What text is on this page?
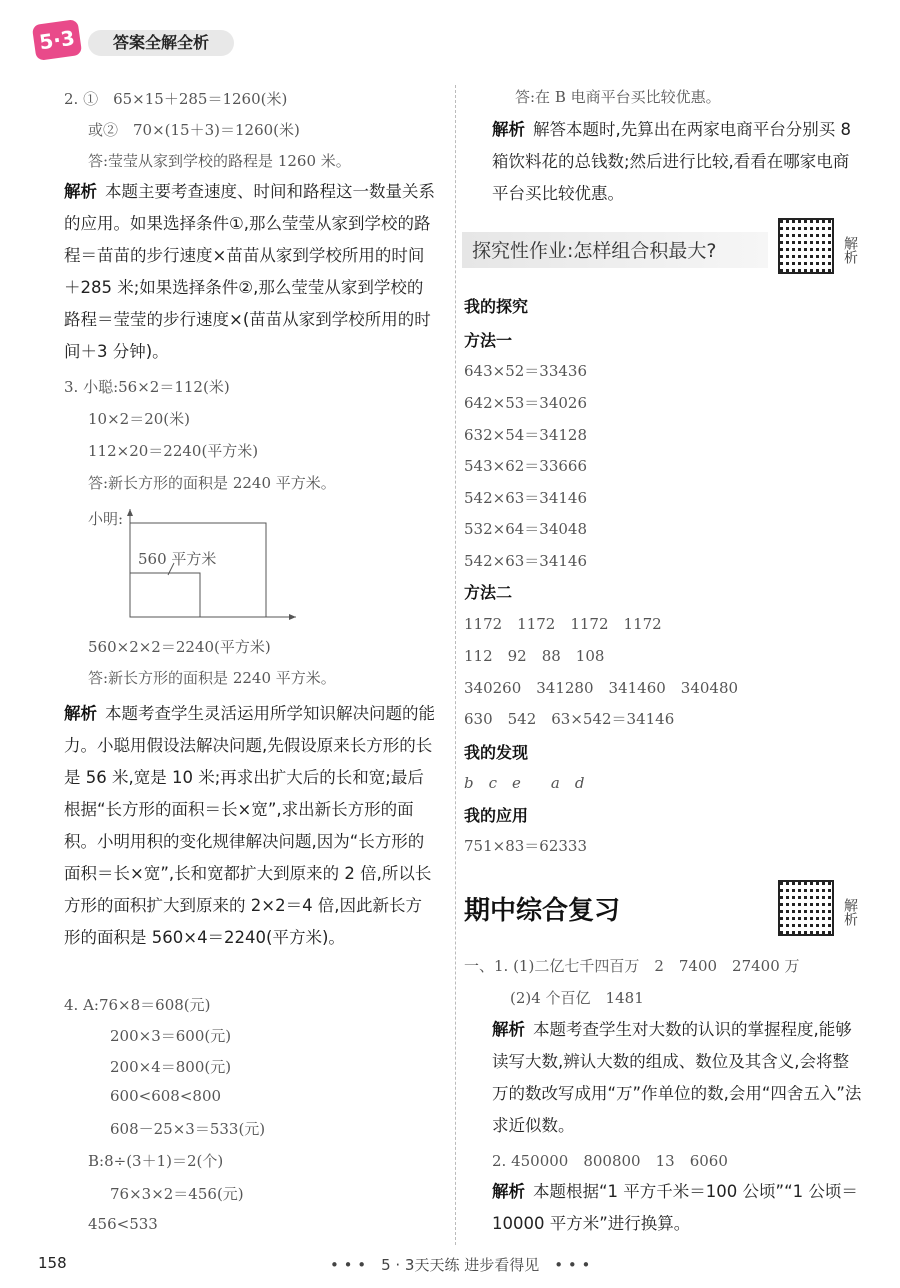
5·3	答案全解全析
2. ①　65×15＋285＝1260(米)
或②　70×(15＋3)＝1260(米)
答:莹莹从家到学校的路程是 1260 米。
解析 本题主要考查速度、时间和路程这一数量关系的应用。如果选择条件①,那么莹莹从家到学校的路程＝苗苗的步行速度×苗苗从家到学校所用的时间＋285 米;如果选择条件②,那么莹莹从家到学校的路程＝莹莹的步行速度×(苗苗从家到学校所用的时间＋3 分钟)。
3. 小聪:56×2＝112(米)
10×2＝20(米)
112×20＝2240(平方米)
答:新长方形的面积是 2240 平方米。
小明:
560 平方米
560×2×2＝2240(平方米)
答:新长方形的面积是 2240 平方米。
解析 本题考查学生灵活运用所学知识解决问题的能力。小聪用假设法解决问题,先假设原来长方形的长是 56 米,宽是 10 米;再求出扩大后的长和宽;最后根据“长方形的面积＝长×宽”,求出新长方形的面积。小明用积的变化规律解决问题,因为“长方形的面积＝长×宽”,长和宽都扩大到原来的 2 倍,所以长方形的面积扩大到原来的 2×2＝4 倍,因此新长方形的面积是 560×4＝2240(平方米)。
4. A:76×8＝608(元)
200×3＝600(元)
200×4＝800(元)
600<608<800
608－25×3＝533(元)
B:8÷(3＋1)＝2(个)
76×3×2＝456(元)
456<533
答:在 B 电商平台买比较优惠。
解析 解答本题时,先算出在两家电商平台分别买 8 箱饮料花的总钱数;然后进行比较,看看在哪家电商平台买比较优惠。
探究性作业:怎样组合积最大?	解析
我的探究
方法一
643×52＝33436
642×53＝34026
632×54＝34128
543×62＝33666
542×63＝34146
532×64＝34048
542×63＝34146
方法二
1172　1172　1172　1172
112　92　88　108
340260　341280　341460　340480
630　542　63×542＝34146
我的发现
b　c　e　　a　d
我的应用
751×83＝62333
期中综合复习	解析
一、1. (1)二亿七千四百万　2　7400　27400 万
(2)4 个百亿　1481
解析 本题考查学生对大数的认识的掌握程度,能够读写大数,辨认大数的组成、数位及其含义,会将整万的数改写成用“万”作单位的数,会用“四舍五入”法求近似数。
2. 450000　800800　13　6060
解析 本题根据“1 平方千米＝100 公顷”“1 公顷＝10000 平方米”进行换算。
158	• • •　5 · 3天天练 进步看得见　• • •
